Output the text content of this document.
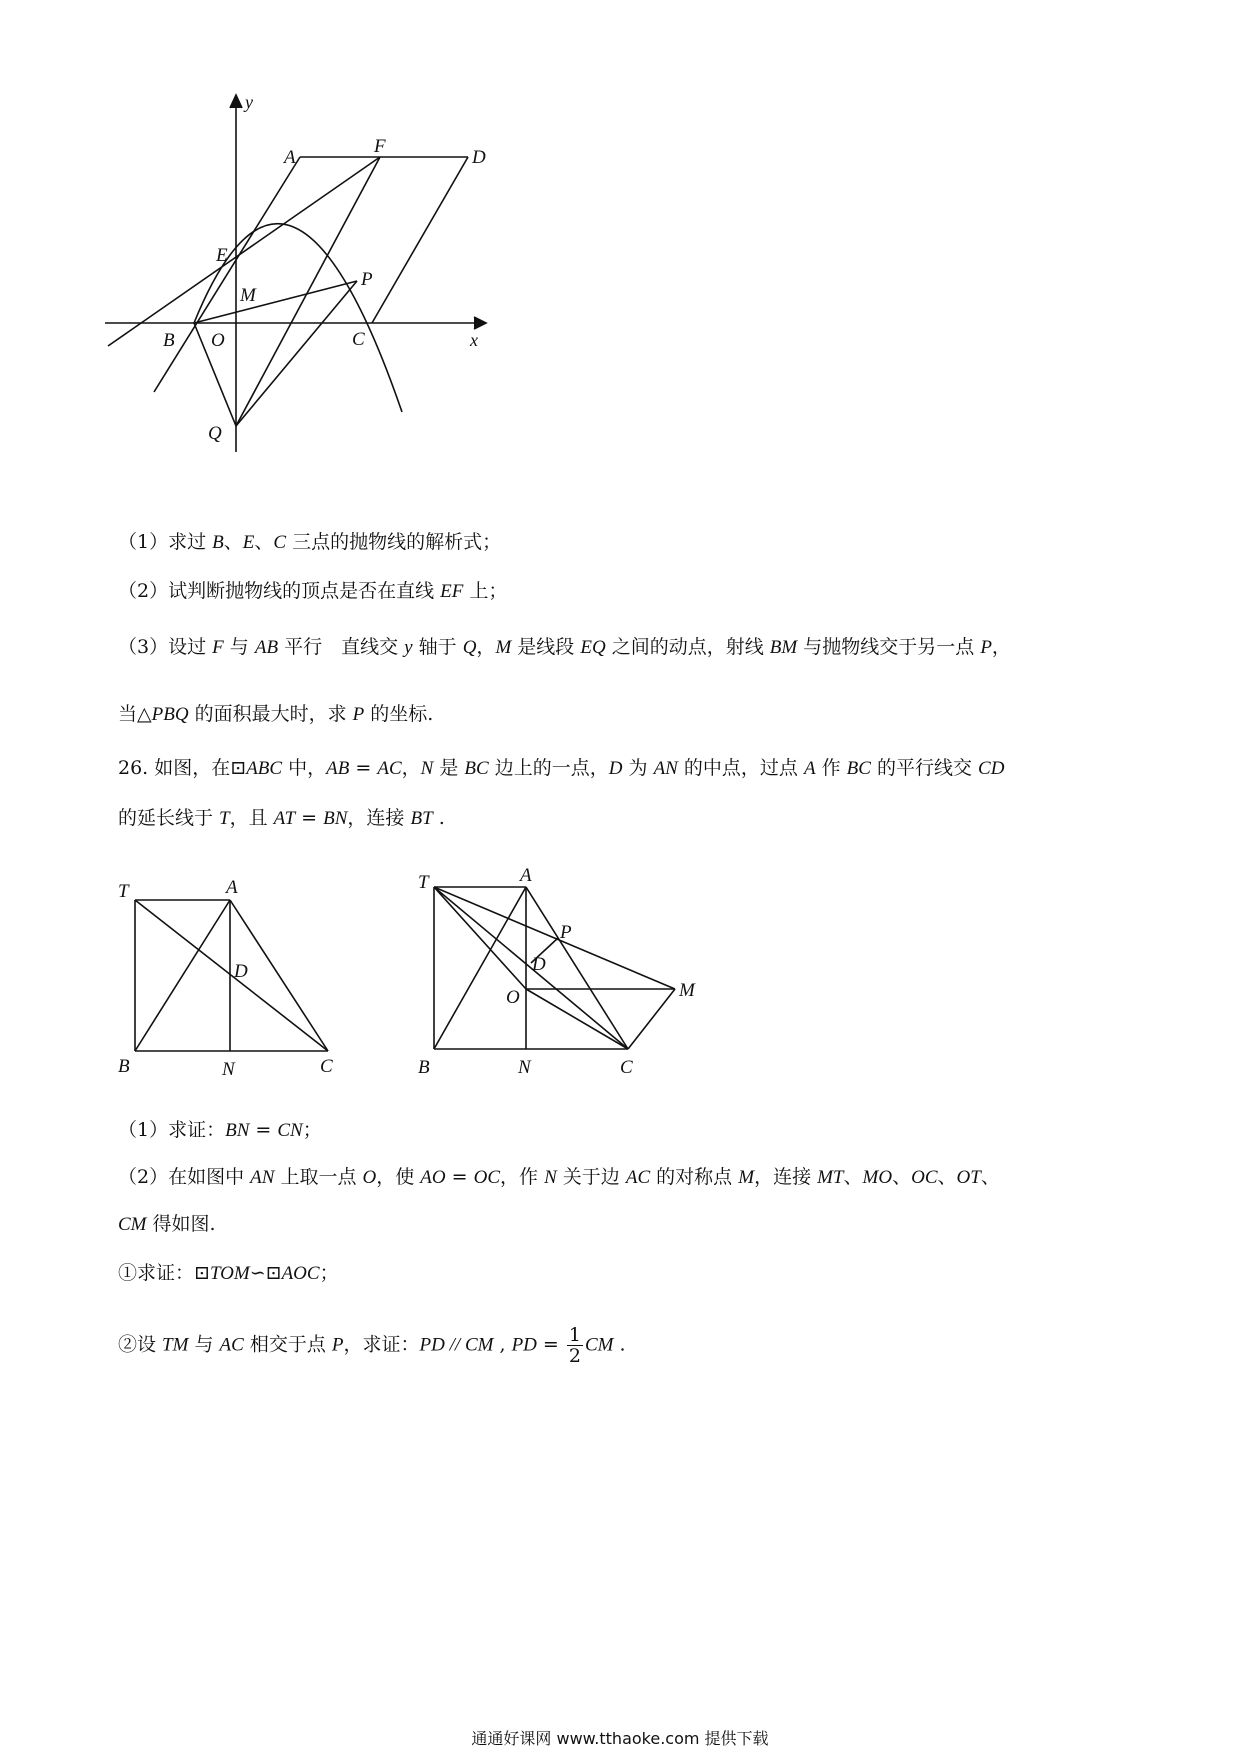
y
x
A
F
D
E
M
P
B O	C
Q
（1）求过 B、E、C 三点的抛物线的解析式；
（2）试判断抛物线的顶点是否在直线 EF 上；
（3）设过 F 与 AB 平行　直线交 y 轴于 Q，M 是线段 EQ 之间的动点，射线 BM 与抛物线交于另一点 P，
当△PBQ 的面积最大时，求 P 的坐标.
26. 如图，在⊡ABC 中，AB = AC，N 是 BC 边上的一点，D 为 AN 的中点，过点 A 作 BC 的平行线交 CD
的延长线于 T，且 AT = BN，连接 BT .
T	A
D
B	N	C
T	A
P
D
O	M
B	N	C
（1）求证：BN = CN；
（2）在如图中 AN 上取一点 O，使 AO = OC，作 N 关于边 AC 的对称点 M，连接 MT、MO、OC、OT、
CM 得如图.
①求证：⊡TOM∽⊡AOC；
②设 TM 与 AC 相交于点 P，求证：PD // CM , PD = $\frac{1}{2}$ CM .
通通好课网 www.tthaoke.com 提供下载
